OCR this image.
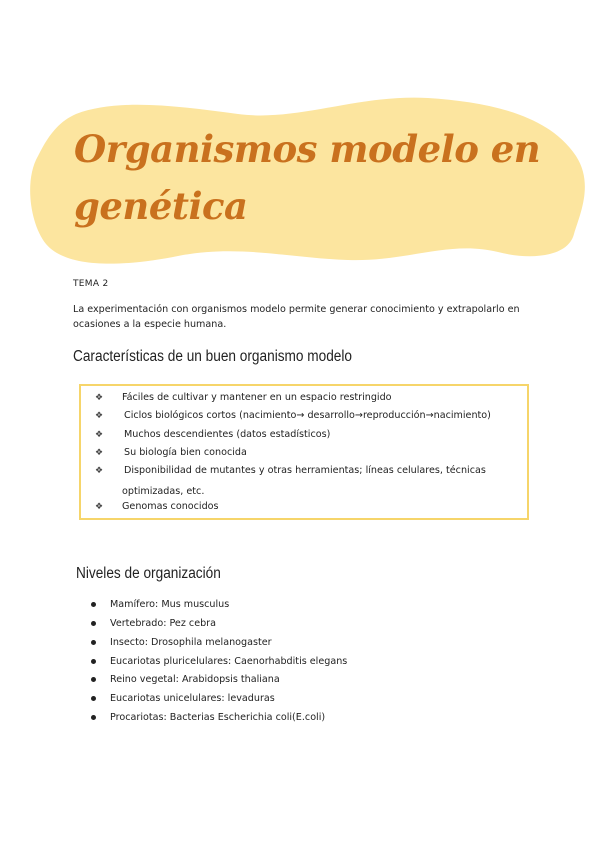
Organismos modelo en genética
TEMA 2

La experimentación con organismos modelo permite generar conocimiento y extrapolarlo en ocasiones a la especie humana.

Características de un buen organismo modelo
❖ Fáciles de cultivar y mantener en un espacio restringido
❖ Ciclos biológicos cortos (nacimiento→ desarrollo→reproducción→nacimiento)
❖ Muchos descendientes (datos estadísticos)
❖ Su biología bien conocida
❖ Disponibilidad de mutantes y otras herramientas; líneas celulares, técnicas
❖ Genomas conocidos
optimizadas, etc.
Niveles de organización
Mamífero: Mus musculus
Vertebrado: Pez cebra
Insecto: Drosophila melanogaster
Eucariotas pluricelulares: Caenorhabditis elegans
Reino vegetal: Arabidopsis thaliana
Eucariotas unicelulares: levaduras
Procariotas: Bacterias Escherichia coli(E.coli)
